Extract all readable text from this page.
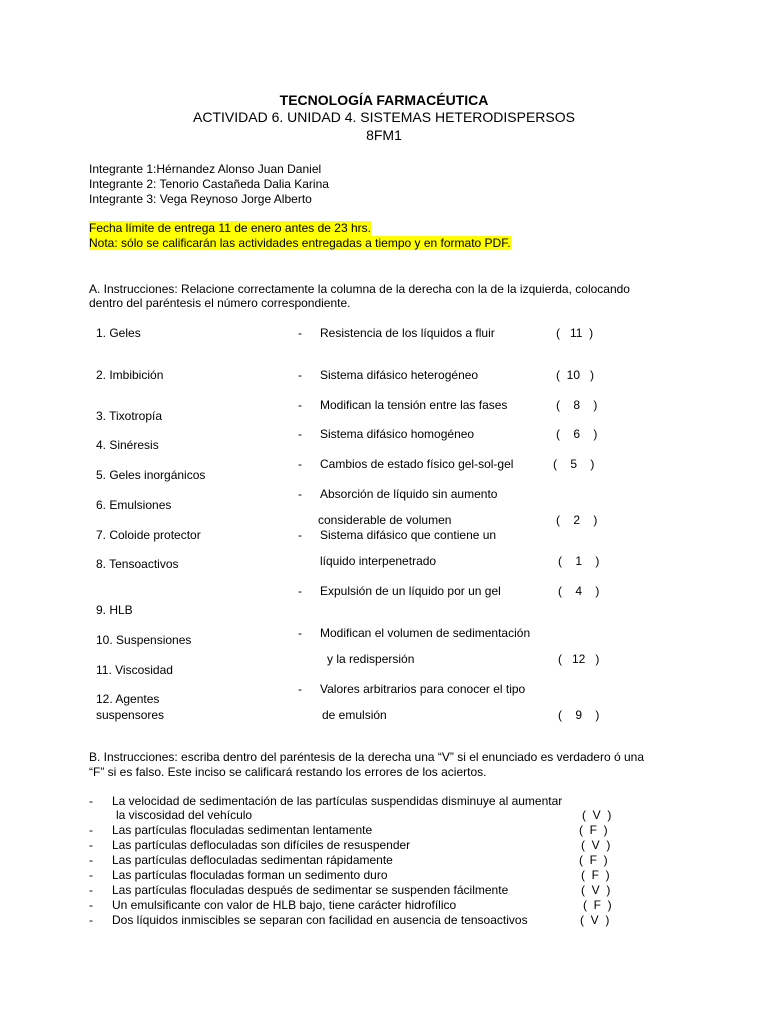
TECNOLOGÍA FARMACÉUTICA
ACTIVIDAD 6. UNIDAD 4. SISTEMAS HETERODISPERSOS
8FM1
Integrante 1:Hérnandez Alonso Juan Daniel
Integrante 2: Tenorio Castañeda Dalia Karina
Integrante 3: Vega Reynoso Jorge Alberto
Fecha límite de entrega 11 de enero antes de 23 hrs.
Nota: sólo se calificarán las actividades entregadas a tiempo y en formato PDF.
A. Instrucciones: Relacione correctamente la columna de la derecha con la de la izquierda, colocando
dentro del paréntesis el número correspondiente.
1. Geles
2. Imbibición
3. Tixotropía
4. Sinéresis
5. Geles inorgánicos
6. Emulsiones
7. Coloide protector
8. Tensoactivos
9. HLB
10. Suspensiones
11. Viscosidad
12. Agentes
suspensores
-
-
-
-
-
-
-
-
-
-
Resistencia de los líquidos a fluir
Sistema difásico heterogéneo
Modifican la tensión entre las fases
Sistema difásico homogéneo
Cambios de estado físico gel-sol-gel
Absorción de líquido sin aumento
considerable de volumen
Sistema difásico que contiene un
líquido interpenetrado
Expulsión de un líquido por un gel
Modifican el volumen de sedimentación
y la redispersión
Valores arbitrarios para conocer el tipo
de emulsión
(   11  )
(  10   )
(    8    )
(    6    )
(    5    )
(    2    )
(    1    )
(    4    )
(   12   )
(    9    )
B. Instrucciones: escriba dentro del paréntesis de la derecha una “V” si el enunciado es verdadero ó una
“F” si es falso. Este inciso se calificará restando los errores de los aciertos.
-
-
-
-
-
-
-
-
La velocidad de sedimentación de las partículas suspendidas disminuye al aumentar
la viscosidad del vehículo
Las partículas floculadas sedimentan lentamente
Las partículas defloculadas son difíciles de resuspender
Las partículas defloculadas sedimentan rápidamente
Las partículas floculadas forman un sedimento duro
Las partículas floculadas después de sedimentar se suspenden fácilmente
Un emulsificante con valor de HLB bajo, tiene carácter hidrofílico
Dos líquidos inmiscibles se separan con facilidad en ausencia de tensoactivos
(  V  )
(  F  )
(  V  )
(  F  )
(  F  )
(  V  )
(  F  )
(  V  )
